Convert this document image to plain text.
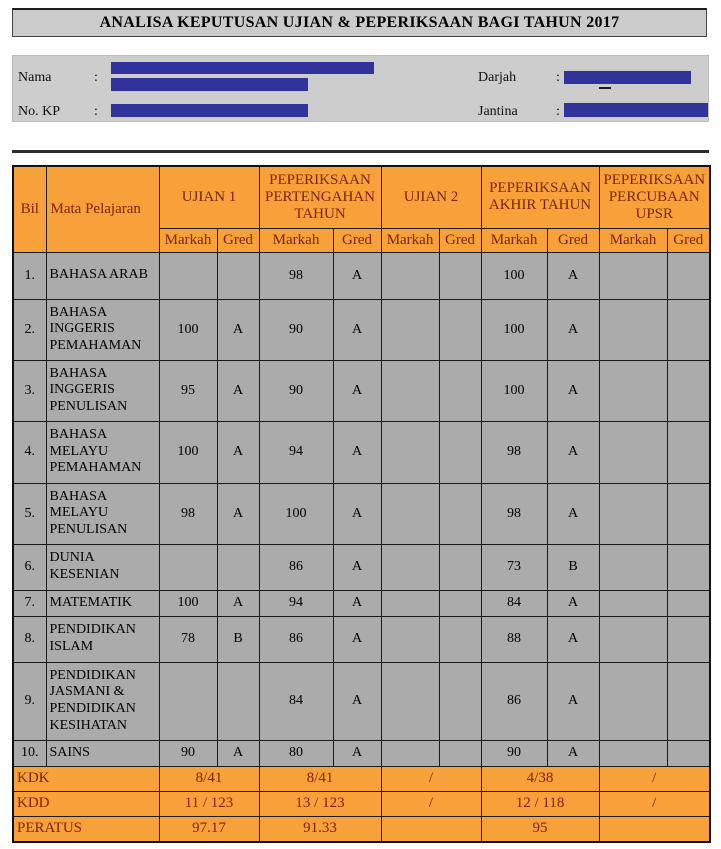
ANALISA KEPUTUSAN UJIAN & PEPERIKSAAN BAGI TAHUN 2017
Nama	:
No. KP :
Darjah	:
Jantina	:
Bil	Mata Pelajaran	UJIAN 1		PEPERIKSAAN PERTENGAHAN TAHUN		UJIAN 2		PEPERIKSAAN AKHIR TAHUN		PEPERIKSAAN PERCUBAAN UPSR	
		Markah	Gred	Markah	Gred	Markah	Gred	Markah	Gred	Markah	Gred
1.	BAHASA ARAB			98	A			100	A		
2.	BAHASA INGGERIS PEMAHAMAN	100	A	90	A			100	A		
3.	BAHASA INGGERIS PENULISAN	95	A	90	A			100	A		
4.	BAHASA MELAYU PEMAHAMAN	100	A	94	A			98	A		
5.	BAHASA MELAYU PENULISAN	98	A	100	A			98	A		
6.	DUNIA KESENIAN			86	A			73	B		
7.	MATEMATIK	100	A	94	A			84	A		
8.	PENDIDIKAN ISLAM	78	B	86	A			88	A		
9.	PENDIDIKAN JASMANI & PENDIDIKAN KESIHATAN			84	A			86	A		
10.	SAINS	90	A	80	A			90	A		
KDK		8/41		8/41		/		4/38		/	
KDD		11 / 123		13 / 123		/		12 / 118		/	
PERATUS		97.17		91.33				95			
